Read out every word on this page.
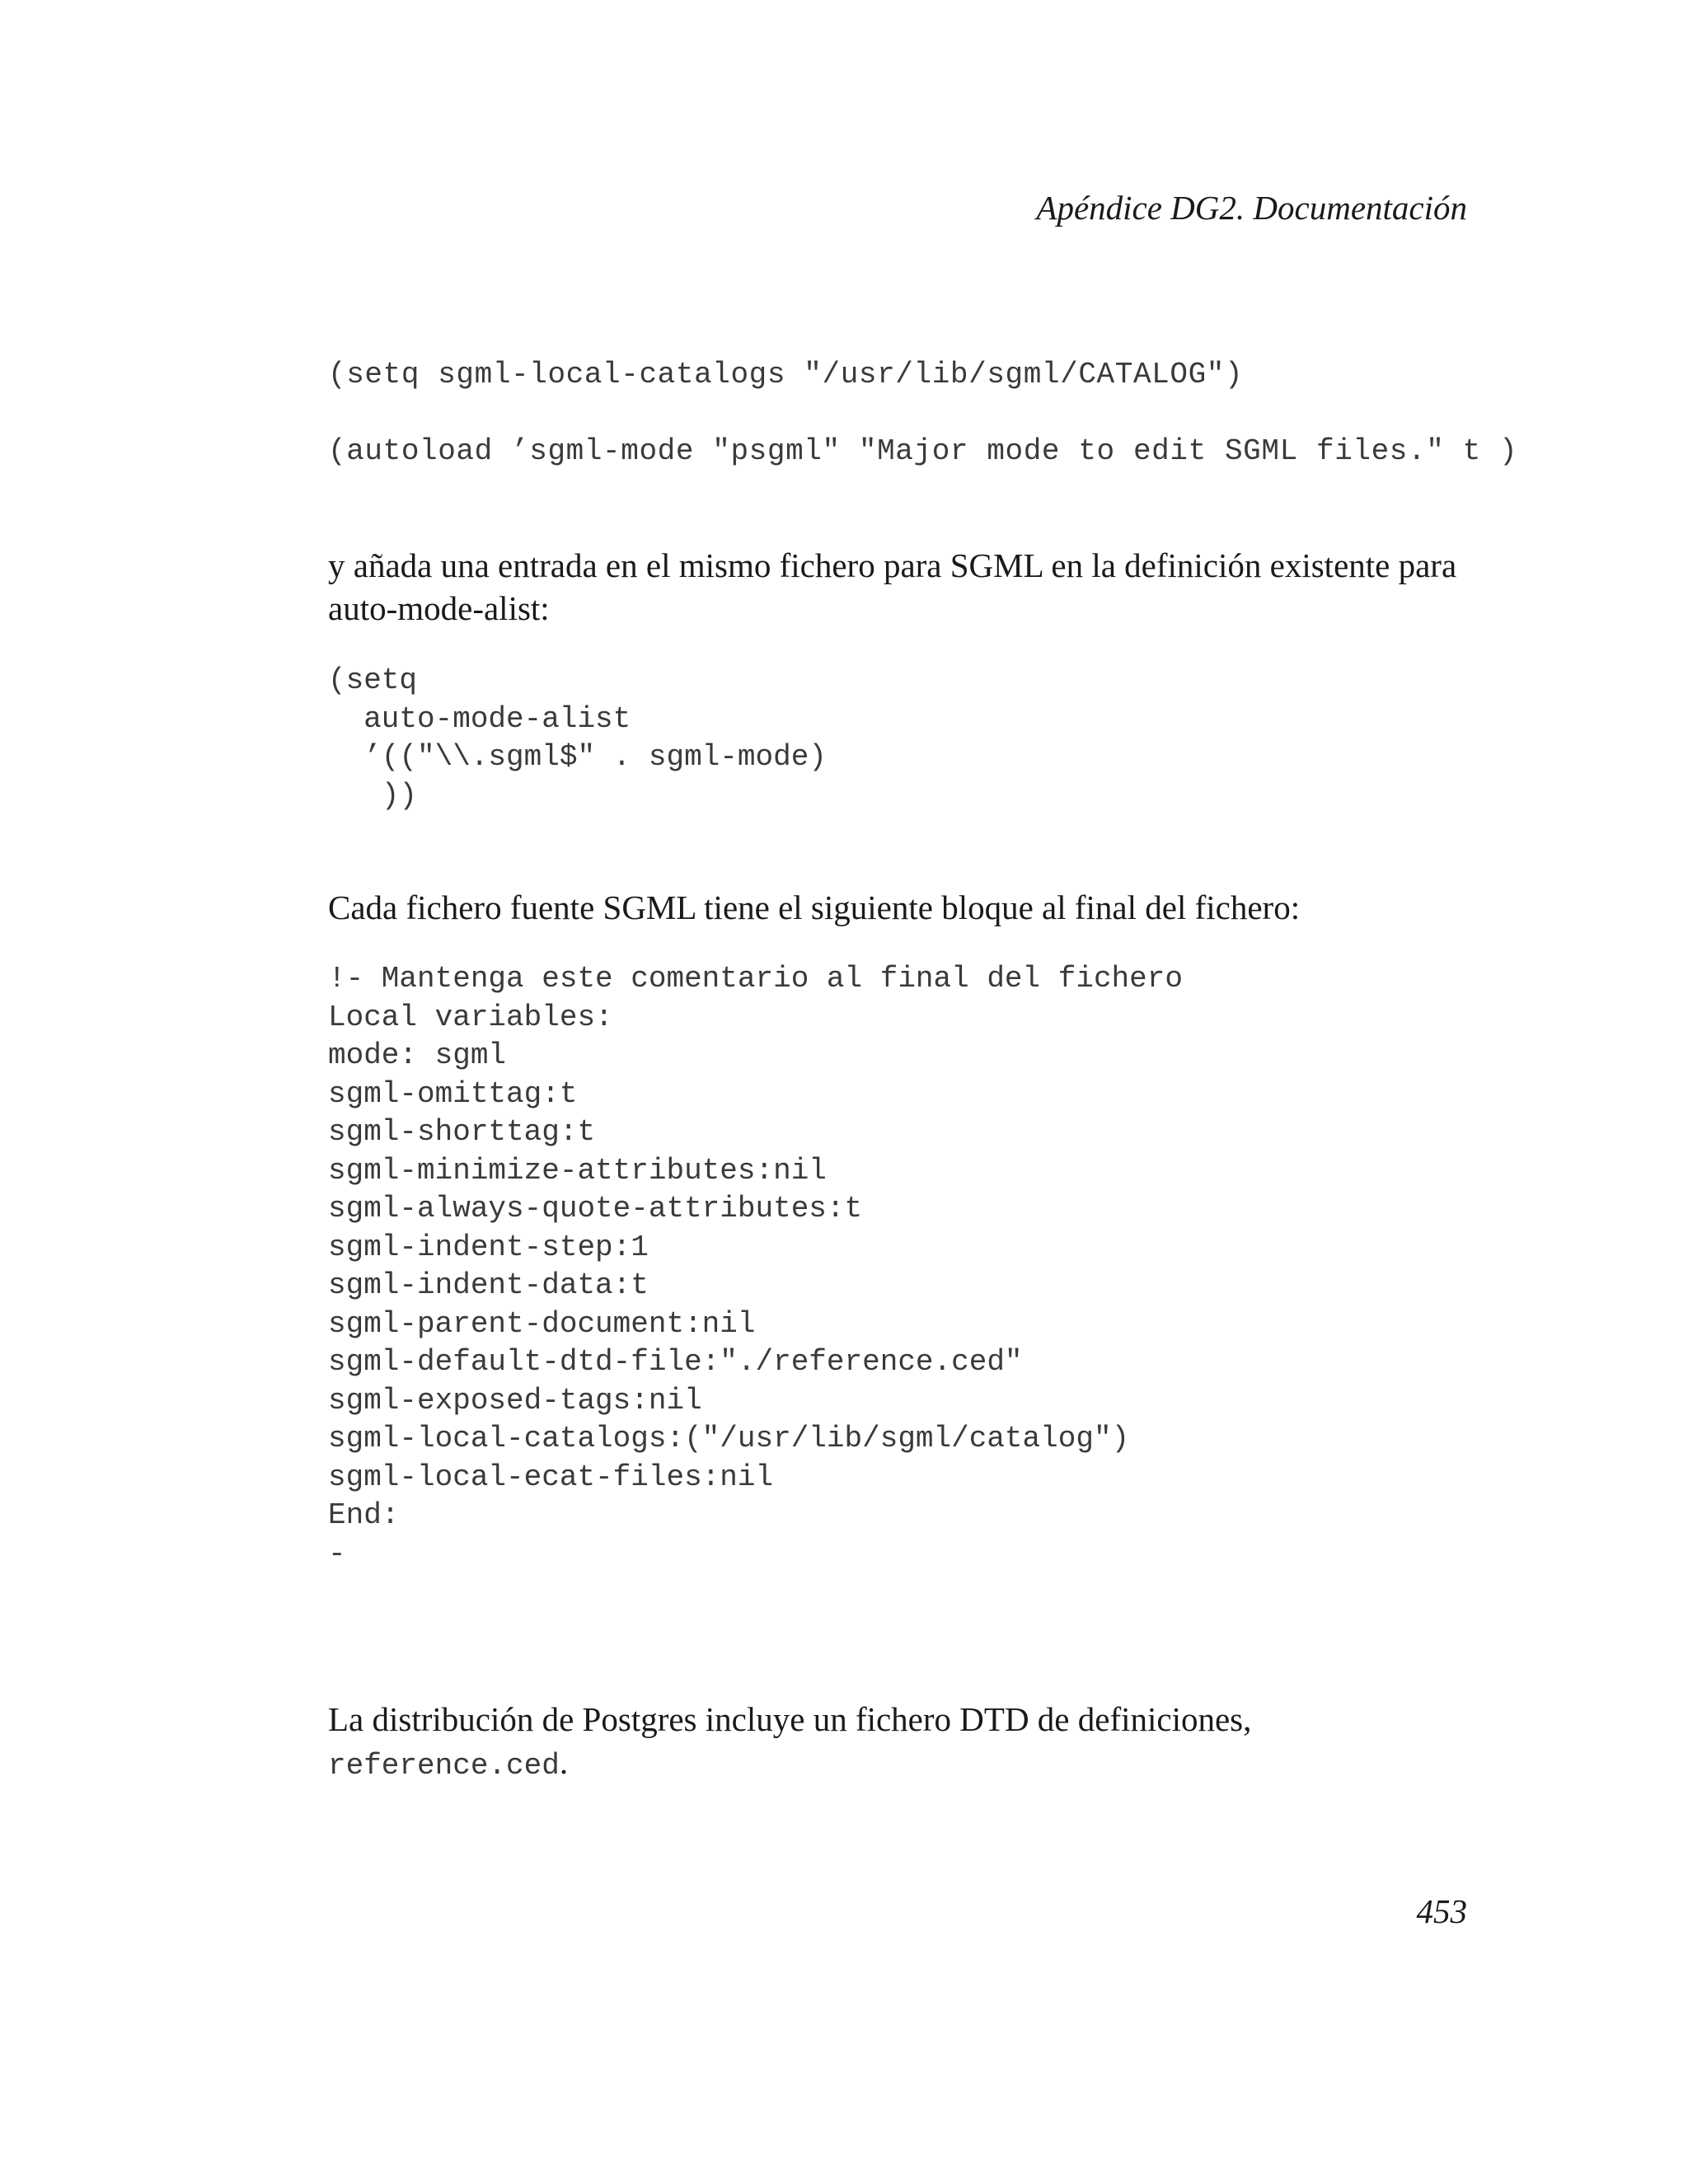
Apéndice DG2. Documentación
(setq sgml-local-catalogs "/usr/lib/sgml/CATALOG")
(autoload ’sgml-mode "psgml" "Major mode to edit SGML files." t )

y añada una entrada en el mismo fichero para SGML en la definición existente para auto-mode-alist:

(setq
auto-mode-alist
’(("\\.sgml$" . sgml-mode)
))

Cada fichero fuente SGML tiene el siguiente bloque al final del fichero:

!- Mantenga este comentario al final del fichero
Local variables:
mode: sgml
sgml-omittag:t
sgml-shorttag:t
sgml-minimize-attributes:nil
sgml-always-quote-attributes:t
sgml-indent-step:1
sgml-indent-data:t
sgml-parent-document:nil
sgml-default-dtd-file:"./reference.ced"
sgml-exposed-tags:nil
sgml-local-catalogs:("/usr/lib/sgml/catalog")
sgml-local-ecat-files:nil
End:
-

La distribución de Postgres incluye un fichero DTD de definiciones, reference.ced.

453
